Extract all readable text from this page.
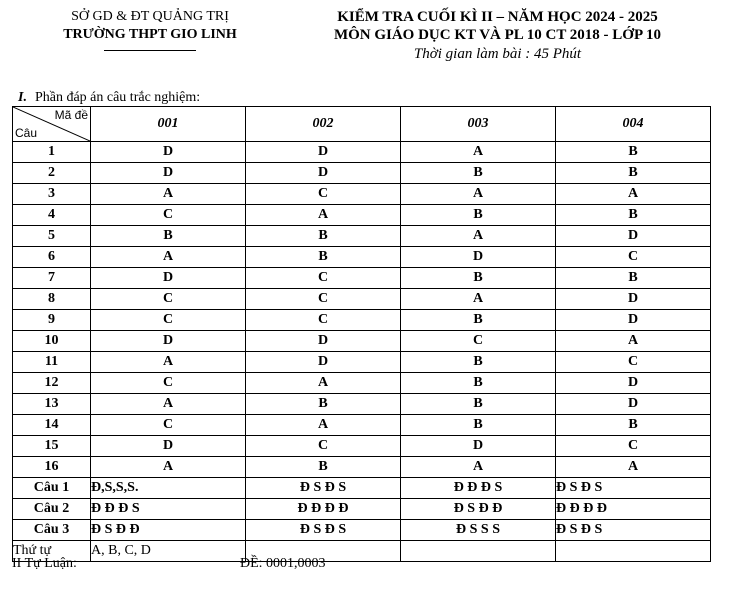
SỞ GD & ĐT QUẢNG TRỊ
TRƯỜNG THPT GIO LINH
KIỂM TRA CUỐI KÌ II – NĂM HỌC 2024 - 2025
MÔN GIÁO DỤC KT VÀ PL 10 CT 2018 - LỚP 10
Thời gian làm bài : 45 Phút
I. Phần đáp án câu trắc nghiệm:
Mã đề
Câu	001	002	003	004
1	D	D	A	B
2	D	D	B	B
3	A	C	A	A
4	C	A	B	B
5	B	B	A	D
6	A	B	D	C
7	D	C	B	B
8	C	C	A	D
9	C	C	B	D
10	D	D	C	A
11	A	D	B	C
12	C	A	B	D
13	A	B	B	D
14	C	A	B	B
15	D	C	D	C
16	A	B	A	A
Câu 1	Đ,S,S,S.	Đ S Đ S	Đ Đ Đ S	Đ S Đ S
Câu 2	Đ Đ Đ S	Đ Đ Đ Đ	Đ S Đ Đ	Đ Đ Đ Đ
Câu 3	Đ S Đ Đ	Đ S Đ S	Đ S S S	Đ S Đ S
Thứ tự	A, B, C, D			
II Tự Luận:	ĐỀ: 0001,0003
